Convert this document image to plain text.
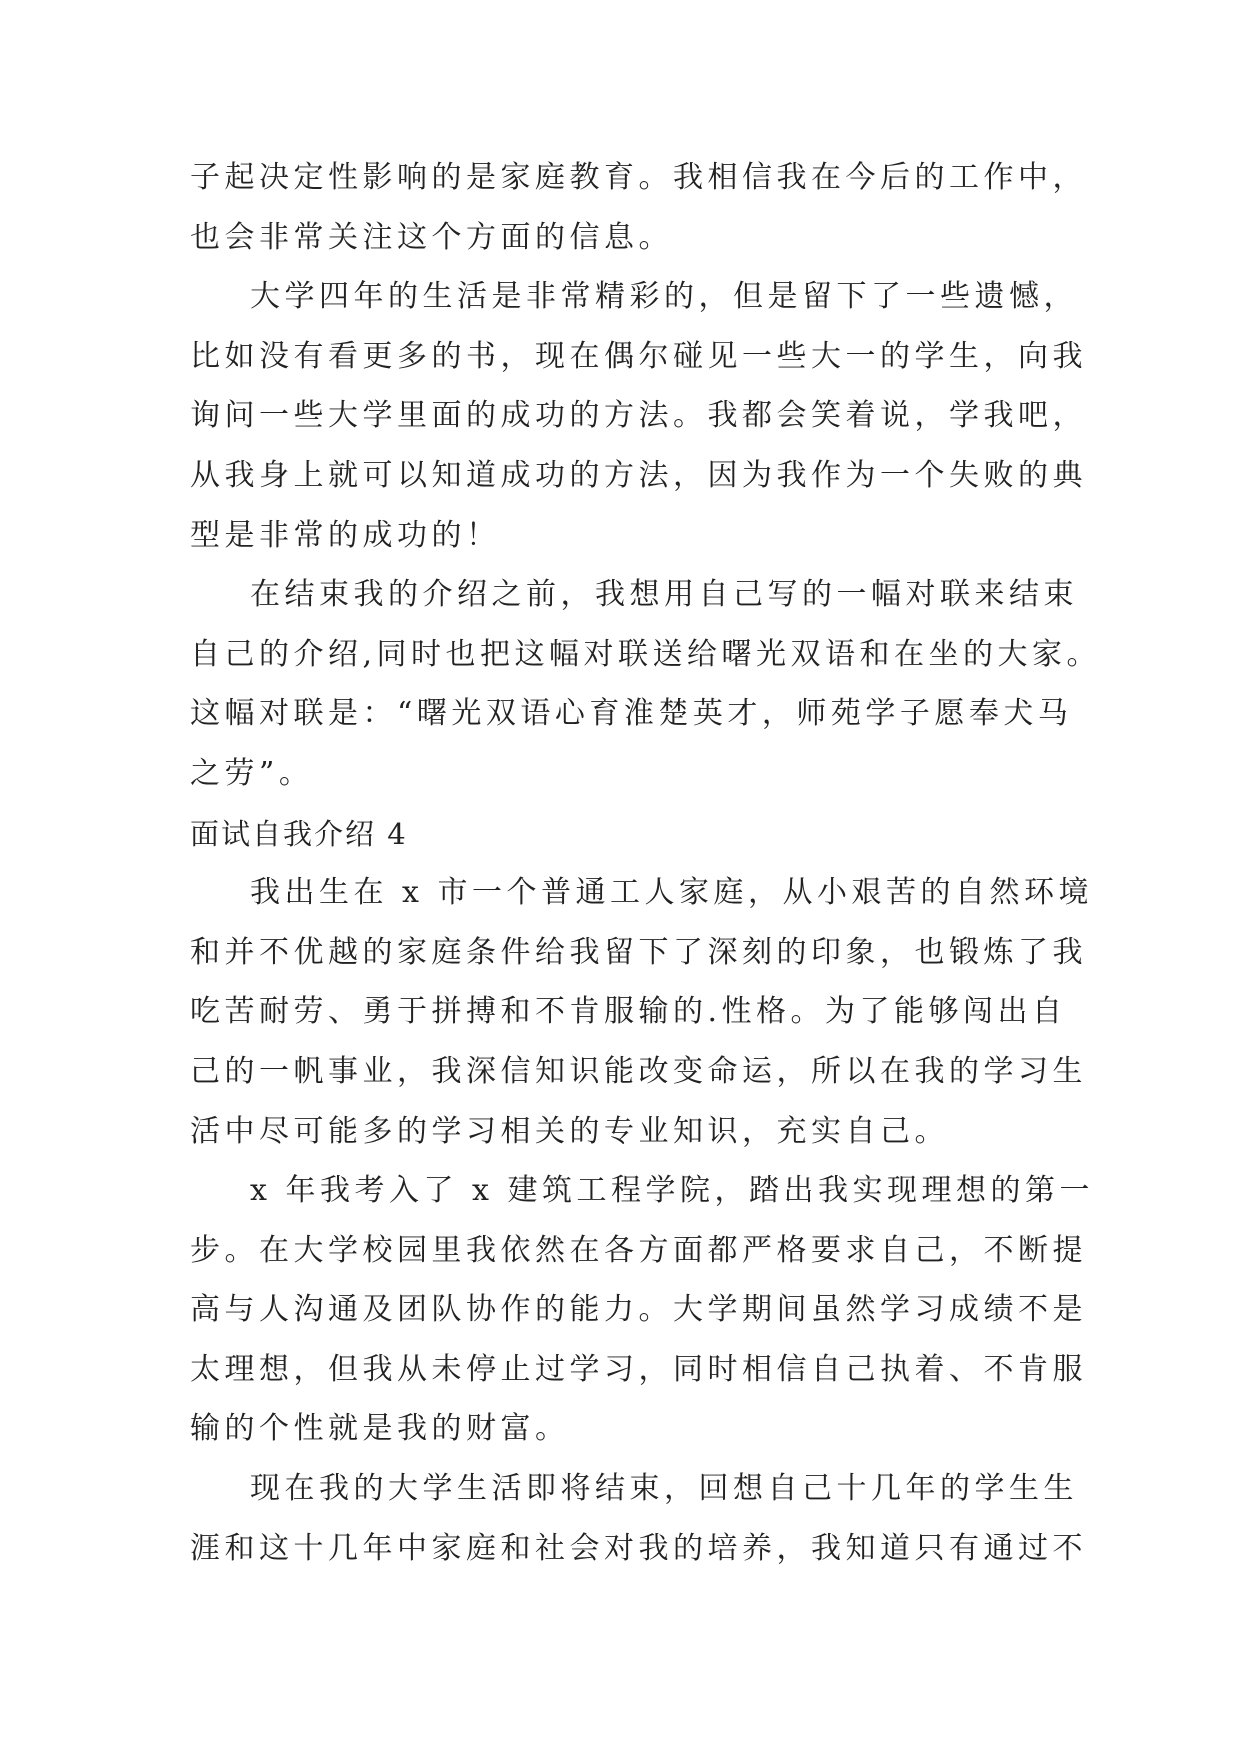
子起决定性影响的是家庭教育。我相信我在今后的工作中，
也会非常关注这个方面的信息。
大学四年的生活是非常精彩的，但是留下了一些遗憾，
比如没有看更多的书，现在偶尔碰见一些大一的学生，向我
询问一些大学里面的成功的方法。我都会笑着说，学我吧，
从我身上就可以知道成功的方法，因为我作为一个失败的典
型是非常的成功的！
在结束我的介绍之前，我想用自己写的一幅对联来结束
自己的介绍,同时也把这幅对联送给曙光双语和在坐的大家。
这幅对联是：“曙光双语心育淮楚英才，师苑学子愿奉犬马
之劳”。
面试自我介绍 4
我出生在 x 市一个普通工人家庭，从小艰苦的自然环境
和并不优越的家庭条件给我留下了深刻的印象，也锻炼了我
吃苦耐劳、勇于拼搏和不肯服输的.性格。为了能够闯出自
己的一帆事业，我深信知识能改变命运，所以在我的学习生
活中尽可能多的学习相关的专业知识，充实自己。
x 年我考入了 x 建筑工程学院，踏出我实现理想的第一
步。在大学校园里我依然在各方面都严格要求自己，不断提
高与人沟通及团队协作的能力。大学期间虽然学习成绩不是
太理想，但我从未停止过学习，同时相信自己执着、不肯服
输的个性就是我的财富。
现在我的大学生活即将结束，回想自己十几年的学生生
涯和这十几年中家庭和社会对我的培养，我知道只有通过不
